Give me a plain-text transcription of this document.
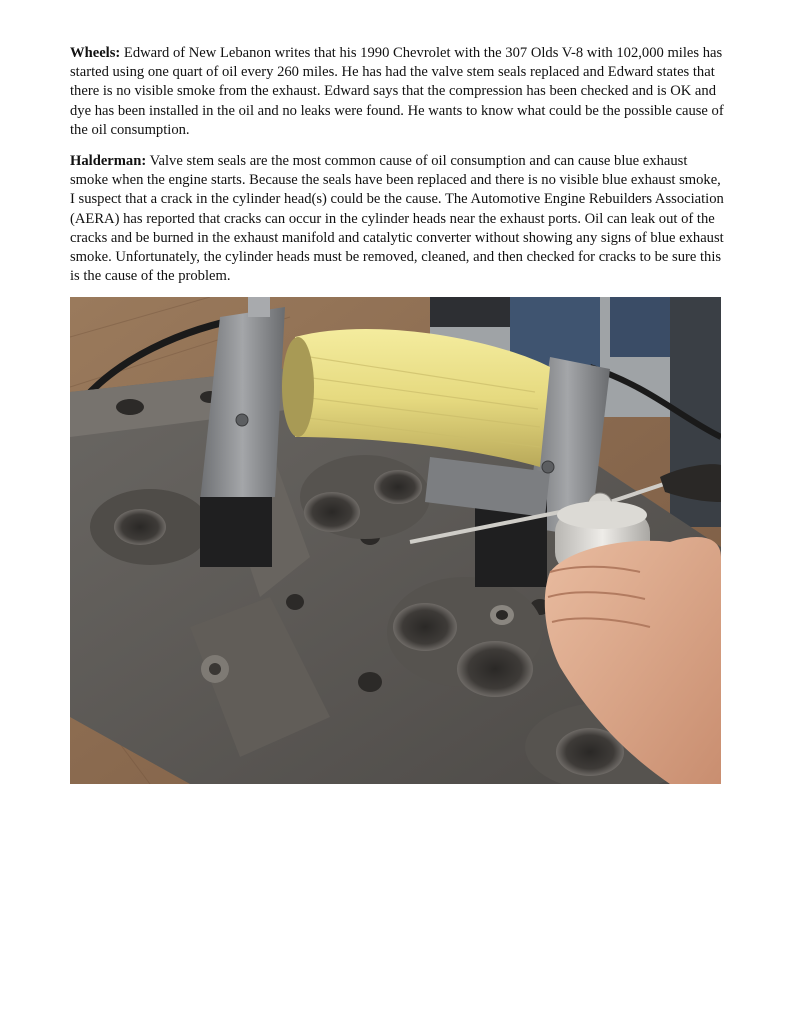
Wheels: Edward of New Lebanon writes that his 1990 Chevrolet with the 307 Olds V-8 with 102,000 miles has started using one quart of oil every 260 miles. He has had the valve stem seals replaced and Edward states that there is no visible smoke from the exhaust. Edward says that the compression has been checked and is OK and dye has been installed in the oil and no leaks were found. He wants to know what could be the possible cause of the oil consumption.

Halderman: Valve stem seals are the most common cause of oil consumption and can cause blue exhaust smoke when the engine starts. Because the seals have been replaced and there is no visible blue exhaust smoke, I suspect that a crack in the cylinder head(s) could be the cause. The Automotive Engine Rebuilders Association (AERA) has reported that cracks can occur in the cylinder heads near the exhaust ports. Oil can leak out of the cracks and be burned in the exhaust manifold and catalytic converter without showing any signs of blue exhaust smoke. Unfortunately, the cylinder heads must be removed, cleaned, and then checked for cracks to be sure this is the cause of the problem.
